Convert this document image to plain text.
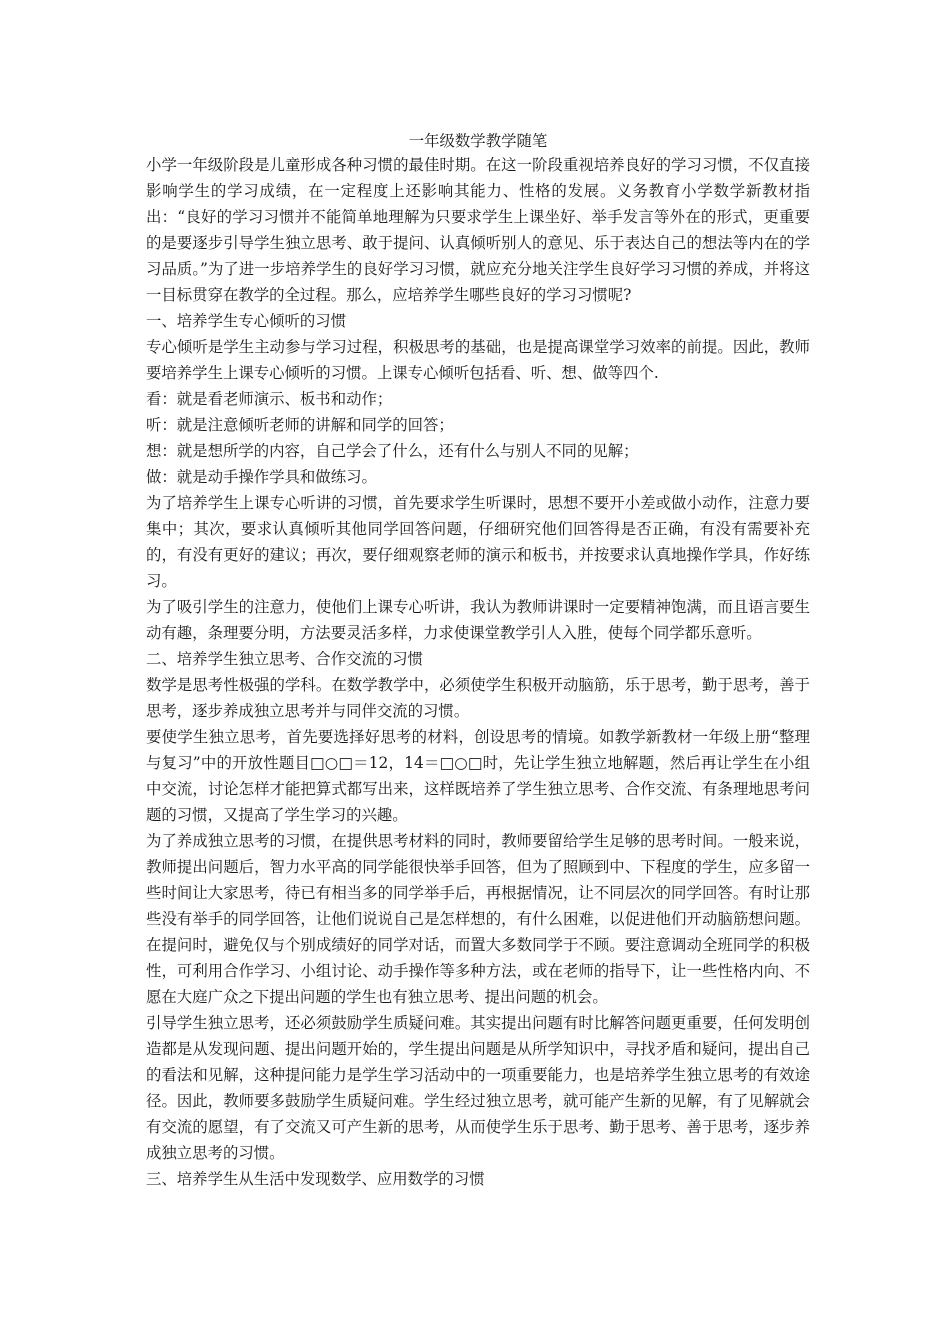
一年级数学教学随笔

小学一年级阶段是儿童形成各种习惯的最佳时期。在这一阶段重视培养良好的学习习惯，不仅直接影响学生的学习成绩，在一定程度上还影响其能力、性格的发展。义务教育小学数学新教材指出：“良好的学习习惯并不能简单地理解为只要求学生上课坐好、举手发言等外在的形式，更重要的是要逐步引导学生独立思考、敢于提问、认真倾听别人的意见、乐于表达自己的想法等内在的学习品质。”为了进一步培养学生的良好学习习惯，就应充分地关注学生良好学习习惯的养成，并将这一目标贯穿在教学的全过程。那么，应培养学生哪些良好的学习习惯呢?

一、培养学生专心倾听的习惯

专心倾听是学生主动参与学习过程，积极思考的基础，也是提高课堂学习效率的前提。因此，教师要培养学生上课专心倾听的习惯。上课专心倾听包括看、听、想、做等四个.

看：就是看老师演示、板书和动作；

听：就是注意倾听老师的讲解和同学的回答；

想：就是想所学的内容，自己学会了什么，还有什么与别人不同的见解；

做：就是动手操作学具和做练习。

为了培养学生上课专心听讲的习惯，首先要求学生听课时，思想不要开小差或做小动作，注意力要集中；其次，要求认真倾听其他同学回答问题，仔细研究他们回答得是否正确，有没有需要补充的，有没有更好的建议；再次，要仔细观察老师的演示和板书，并按要求认真地操作学具，作好练习。

为了吸引学生的注意力，使他们上课专心听讲，我认为教师讲课时一定要精神饱满，而且语言要生动有趣，条理要分明，方法要灵活多样，力求使课堂教学引人入胜，使每个同学都乐意听。

二、培养学生独立思考、合作交流的习惯

数学是思考性极强的学科。在数学教学中，必须使学生积极开动脑筋，乐于思考，勤于思考，善于思考，逐步养成独立思考并与同伴交流的习惯。

要使学生独立思考，首先要选择好思考的材料，创设思考的情境。如教学新教材一年级上册“整理与复习”中的开放性题目□○□＝12，14＝□○□时，先让学生独立地解题，然后再让学生在小组中交流，讨论怎样才能把算式都写出来，这样既培养了学生独立思考、合作交流、有条理地思考问题的习惯，又提高了学生学习的兴趣。

为了养成独立思考的习惯，在提供思考材料的同时，教师要留给学生足够的思考时间。一般来说，教师提出问题后，智力水平高的同学能很快举手回答，但为了照顾到中、下程度的学生，应多留一些时间让大家思考，待已有相当多的同学举手后，再根据情况，让不同层次的同学回答。有时让那些没有举手的同学回答，让他们说说自己是怎样想的，有什么困难，以促进他们开动脑筋想问题。在提问时，避免仅与个别成绩好的同学对话，而置大多数同学于不顾。要注意调动全班同学的积极性，可利用合作学习、小组讨论、动手操作等多种方法，或在老师的指导下，让一些性格内向、不愿在大庭广众之下提出问题的学生也有独立思考、提出问题的机会。

引导学生独立思考，还必须鼓励学生质疑问难。其实提出问题有时比解答问题更重要，任何发明创造都是从发现问题、提出问题开始的，学生提出问题是从所学知识中，寻找矛盾和疑问，提出自己的看法和见解，这种提问能力是学生学习活动中的一项重要能力，也是培养学生独立思考的有效途径。因此，教师要多鼓励学生质疑问难。学生经过独立思考，就可能产生新的见解，有了见解就会有交流的愿望，有了交流又可产生新的思考，从而使学生乐于思考、勤于思考、善于思考，逐步养成独立思考的习惯。

三、培养学生从生活中发现数学、应用数学的习惯
